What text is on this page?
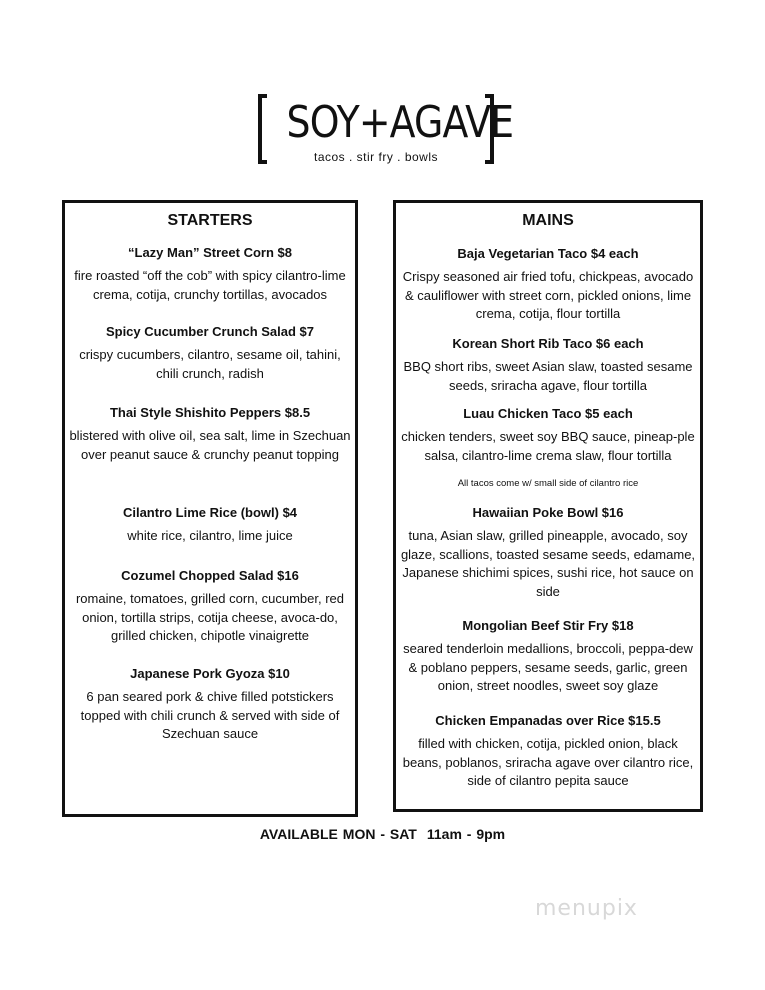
SOY+AGAVE
tacos . stir fry . bowls
STARTERS
“Lazy Man” Street Corn $8
fire roasted “off the cob” with spicy cilantro-lime crema, cotija, crunchy tortillas, avocados
Spicy Cucumber Crunch Salad $7
crispy cucumbers, cilantro, sesame oil, tahini, chili crunch, radish
Thai Style Shishito Peppers $8.5
blistered with olive oil, sea salt, lime in Szechuan over peanut sauce & crunchy peanut topping
Cilantro Lime Rice (bowl) $4
white rice, cilantro, lime juice
Cozumel Chopped Salad $16
romaine, tomatoes, grilled corn, cucumber, red onion, tortilla strips, cotija cheese, avoca-do, grilled chicken, chipotle vinaigrette
Japanese Pork Gyoza $10
6 pan seared pork & chive filled potstickers topped with chili crunch & served with side of Szechuan sauce
MAINS
Baja Vegetarian Taco $4 each
Crispy seasoned air fried tofu, chickpeas, avocado & cauliflower with street corn, pickled onions, lime crema, cotija, flour tortilla
Korean Short Rib Taco $6 each
BBQ short ribs, sweet Asian slaw, toasted sesame seeds, sriracha agave, flour tortilla
Luau Chicken Taco $5 each
chicken tenders, sweet soy BBQ sauce, pineap-ple salsa, cilantro-lime crema slaw, flour tortilla
All tacos come w/ small side of cilantro rice
Hawaiian Poke Bowl $16
tuna, Asian slaw, grilled pineapple, avocado, soy glaze, scallions, toasted sesame seeds, edamame, Japanese shichimi spices, sushi rice, hot sauce on side
Mongolian Beef Stir Fry $18
seared tenderloin medallions, broccoli, peppa-dew & poblano peppers, sesame seeds, garlic, green onion, street noodles, sweet soy glaze
Chicken Empanadas over Rice $15.5
filled with chicken, cotija, pickled onion, black beans, poblanos, sriracha agave over cilantro rice, side of cilantro pepita sauce
AVAILABLE MON - SAT 11am - 9pm
menupix
